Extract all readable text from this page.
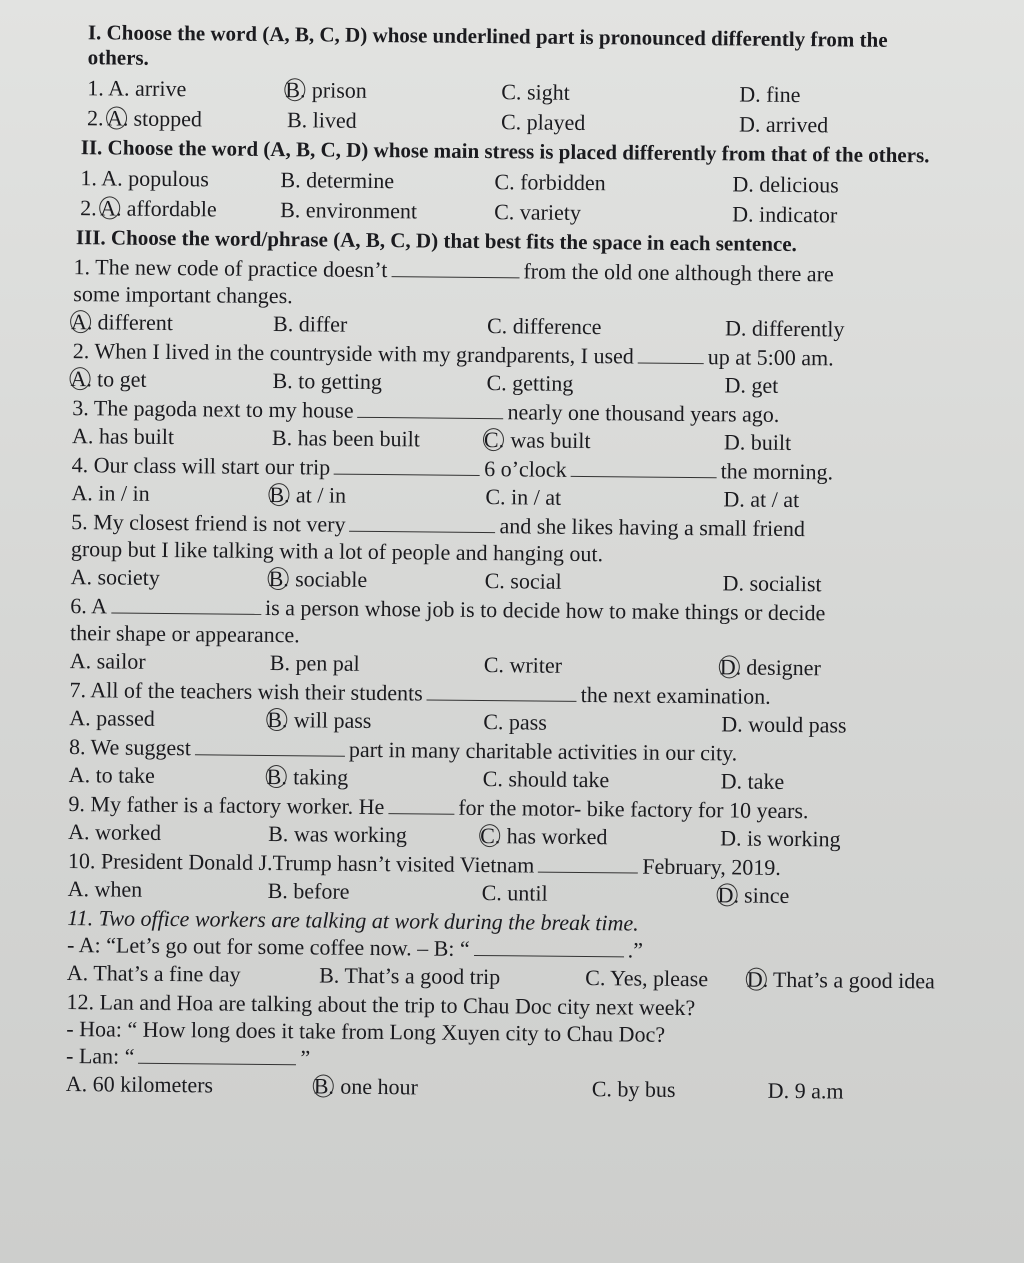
I. Choose the word (A, B, C, D) whose underlined part is pronounced differently from the others.
1. A. arrive	B. prison	C. sight	D. fine
2. A. stopped	B. lived	C. played	D. arrived
II. Choose the word (A, B, C, D) whose main stress is placed differently from that of the others.
1. A. populous	B. determine	C. forbidden	D. delicious
2. A. affordable	B. environment	C. variety	D. indicator
III. Choose the word/phrase (A, B, C, D) that best fits the space in each sentence.
1. The new code of practice doesn’t	from the old one although there are
some important changes.
A. different	B. differ	C. difference	D. differently
2. When I lived in the countryside with my grandparents, I used	up at 5:00 am.
A. to get	B. to getting	C. getting	D. get
3. The pagoda next to my house	nearly one thousand years ago.
A. has built	B. has been built	C. was built	D. built
4. Our class will start our trip	6 o’clock	the morning.
A. in / in	B. at / in	C. in / at	D. at / at
5. My closest friend is not very	and she likes having a small friend
group but I like talking with a lot of people and hanging out.
A. society	B. sociable	C. social	D. socialist
6. A	is a person whose job is to decide how to make things or decide
their shape or appearance.
A. sailor	B. pen pal	C. writer	D. designer
7. All of the teachers wish their students	the next examination.
A. passed	B. will pass	C. pass	D. would pass
8. We suggest	part in many charitable activities in our city.
A. to take	B. taking	C. should take	D. take
9. My father is a factory worker. He	for the motor- bike factory for 10 years.
A. worked	B. was working	C. has worked	D. is working
10. President Donald J.Trump hasn’t visited Vietnam	February, 2019.
A. when	B. before	C. until	D. since
11. Two office workers are talking at work during the break time.
- A: “Let’s go out for some coffee now. – B: “	.”
A. That’s a fine day	B. That’s a good trip	C. Yes, please	D. That’s a good idea
12. Lan and Hoa are talking about the trip to Chau Doc city next week?
- Hoa: “ How long does it take from Long Xuyen city to Chau Doc?
- Lan: “	”
A. 60 kilometers	B. one hour	C. by bus	D. 9 a.m
